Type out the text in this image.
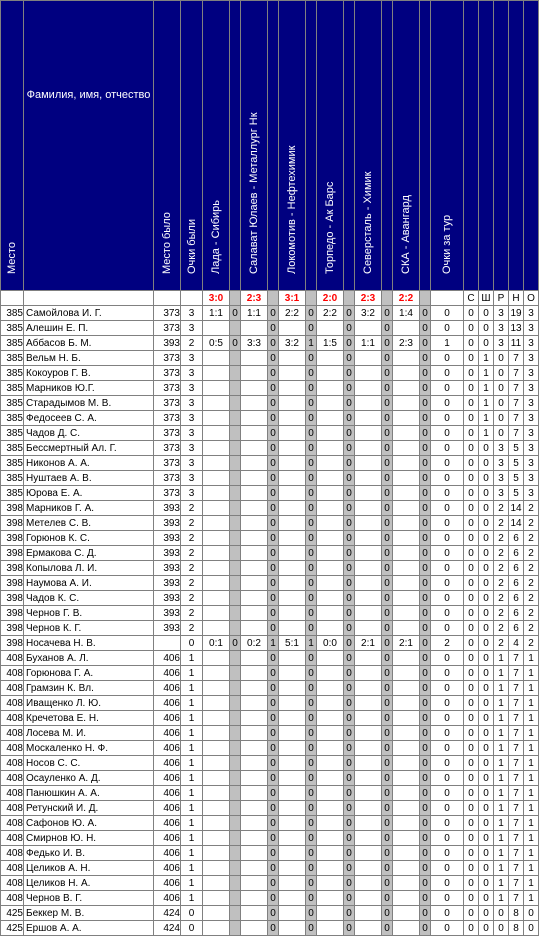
Место	Фамилия, имя, отчество	Место было	Очки были	Лада - Сибирь		Салават Юлаев - Металлург Нк		Локомотив - Нефтехимик		Торпедо - Ак Барс		Северсталь - Химик		СКА - Авангард		Очки за тур					

				3:0		2:3		3:1		2:0		2:3		2:2			С	Ш	Р	Н	О
385	Самойлова И. Г.	373	3	1:1	0	1:1	0	2:2	0	2:2	0	3:2	0	1:4	0	0	0	0	3	19	3
385	Алешин Е. П.	373	3				0		0		0		0		0	0	0	0	3	13	3
385	Аббасов Б. М.	393	2	0:5	0	3:3	0	3:2	1	1:5	0	1:1	0	2:3	0	1	0	0	3	11	3
385	Вельм Н. Б.	373	3				0		0		0		0		0	0	0	1	0	7	3
385	Кокоуров Г. В.	373	3				0		0		0		0		0	0	0	1	0	7	3
385	Марников Ю.Г.	373	3				0		0		0		0		0	0	0	1	0	7	3
385	Старадымов М. В.	373	3				0		0		0		0		0	0	0	1	0	7	3
385	Федосеев С. А.	373	3				0		0		0		0		0	0	0	1	0	7	3
385	Чадов Д. С.	373	3				0		0		0		0		0	0	0	1	0	7	3
385	Бессмертный Ал. Г.	373	3				0		0		0		0		0	0	0	0	3	5	3
385	Никонов А. А.	373	3				0		0		0		0		0	0	0	0	3	5	3
385	Нуштаев А. В.	373	3				0		0		0		0		0	0	0	0	3	5	3
385	Юрова Е. А.	373	3				0		0		0		0		0	0	0	0	3	5	3
398	Марников Г. А.	393	2				0		0		0		0		0	0	0	0	2	14	2
398	Метелев С. В.	393	2				0		0		0		0		0	0	0	0	2	14	2
398	Горюнов К. С.	393	2				0		0		0		0		0	0	0	0	2	6	2
398	Ермакова С. Д.	393	2				0		0		0		0		0	0	0	0	2	6	2
398	Копылова Л. И.	393	2				0		0		0		0		0	0	0	0	2	6	2
398	Наумова А. И.	393	2				0		0		0		0		0	0	0	0	2	6	2
398	Чадов К. С.	393	2				0		0		0		0		0	0	0	0	2	6	2
398	Чернов Г. В.	393	2				0		0		0		0		0	0	0	0	2	6	2
398	Чернов К. Г.	393	2				0		0		0		0		0	0	0	0	2	6	2
398	Носачева Н. В.		0	0:1	0	0:2	1	5:1	1	0:0	0	2:1	0	2:1	0	2	0	0	2	4	2
408	Буханов А. Л.	406	1				0		0		0		0		0	0	0	0	1	7	1
408	Горюнова Г. А.	406	1				0		0		0		0		0	0	0	0	1	7	1
408	Грамзин К. Вл.	406	1				0		0		0		0		0	0	0	0	1	7	1
408	Иващенко Л. Ю.	406	1				0		0		0		0		0	0	0	0	1	7	1
408	Кречетова Е. Н.	406	1				0		0		0		0		0	0	0	0	1	7	1
408	Лосева М. И.	406	1				0		0		0		0		0	0	0	0	1	7	1
408	Москаленко Н. Ф.	406	1				0		0		0		0		0	0	0	0	1	7	1
408	Носов С. С.	406	1				0		0		0		0		0	0	0	0	1	7	1
408	Осауленко А. Д.	406	1				0		0		0		0		0	0	0	0	1	7	1
408	Панюшкин А. А.	406	1				0		0		0		0		0	0	0	0	1	7	1
408	Ретунский И. Д.	406	1				0		0		0		0		0	0	0	0	1	7	1
408	Сафонов Ю. А.	406	1				0		0		0		0		0	0	0	0	1	7	1
408	Смирнов Ю. Н.	406	1				0		0		0		0		0	0	0	0	1	7	1
408	Федько И. В.	406	1				0		0		0		0		0	0	0	0	1	7	1
408	Целиков А. Н.	406	1				0		0		0		0		0	0	0	0	1	7	1
408	Целиков Н. А.	406	1				0		0		0		0		0	0	0	0	1	7	1
408	Чернов В. Г.	406	1				0		0		0		0		0	0	0	0	1	7	1
425	Беккер М. В.	424	0				0		0		0		0		0	0	0	0	0	8	0
425	Ершов А. А.	424	0				0		0		0		0		0	0	0	0	0	8	0
